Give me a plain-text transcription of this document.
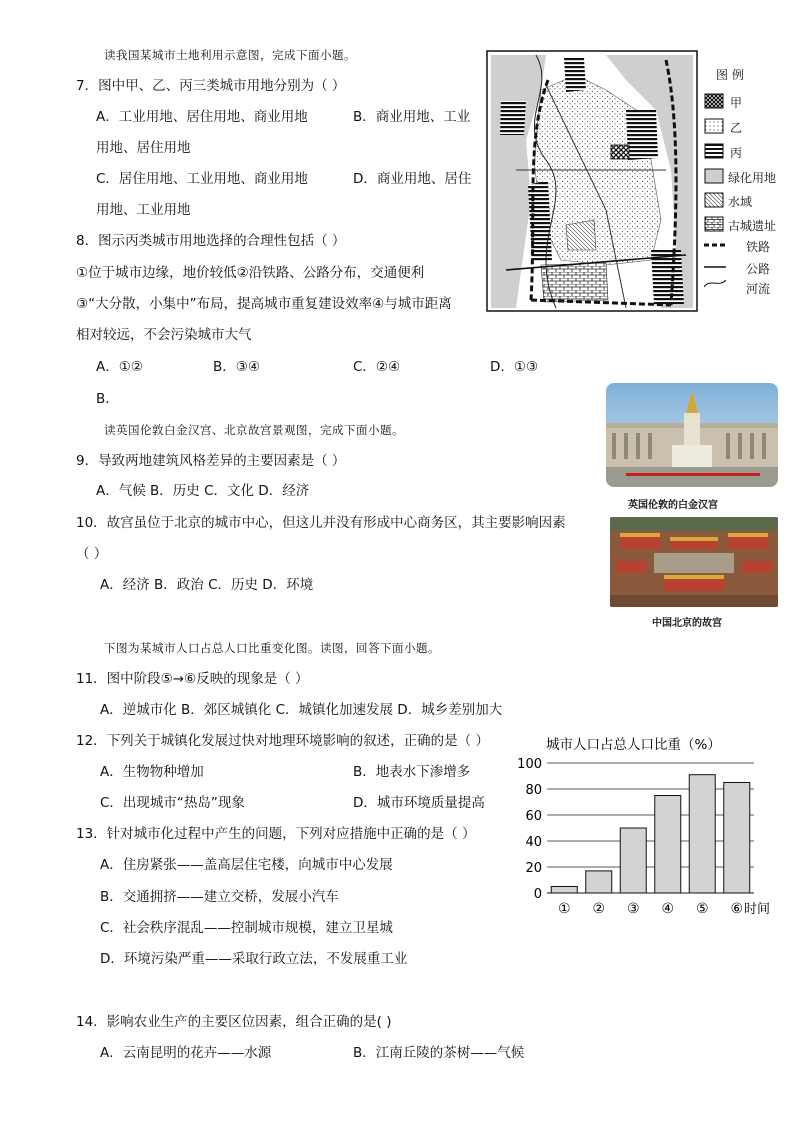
读我国某城市土地利用示意图，完成下面小题。
7．图中甲、乙、丙三类城市用地分别为（ ）
A．工业用地、居住用地、商业用地	B．商业用地、工业
用地、居住用地
C．居住用地、工业用地、商业用地	D．商业用地、居住
用地、工业用地
8．图示丙类城市用地选择的合理性包括（ ）
①位于城市边缘，地价较低②沿铁路、公路分布，交通便利
③“大分散，小集中”布局，提高城市重复建设效率④与城市距离
相对较远，不会污染城市大气
A．①②	B．③④	C．②④	D．①③
B．
图 例
甲
乙
丙
绿化用地
水域
古城遗址
铁路
公路
河流
读英国伦敦白金汉宫、北京故宫景观图，完成下面小题。
9．导致两地建筑风格差异的主要因素是（ ）
A．气候 B．历史 C．文化 D．经济
10．故宫虽位于北京的城市中心，但这儿并没有形成中心商务区，其主要影响因素
（ ）
A．经济 B．政治 C．历史 D．环境
英国伦敦的白金汉宫
中国北京的故宫
下图为某城市人口占总人口比重变化图。读图，回答下面小题。
11．图中阶段⑤→⑥反映的现象是（ ）
A．逆城市化 B．郊区城镇化 C．城镇化加速发展 D．城乡差别加大
12．下列关于城镇化发展过快对地理环境影响的叙述，正确的是（ ）
A．生物物种增加	B．地表水下渗增多
C．出现城市“热岛”现象	D．城市环境质量提高
13．针对城市化过程中产生的问题，下列对应措施中正确的是（ ）
A．住房紧张——盖高层住宅楼，向城市中心发展
B．交通拥挤——建立交桥，发展小汽车
C．社会秩序混乱——控制城市规模，建立卫星城
D．环境污染严重——采取行政立法，不发展重工业
城市人口占总人口比重（%）
0
20
40
60
80
100
① ② ③ ④ ⑤ ⑥ 时间
14．影响农业生产的主要区位因素，组合正确的是( )
A．云南昆明的花卉——水源	B．江南丘陵的茶树——气候
